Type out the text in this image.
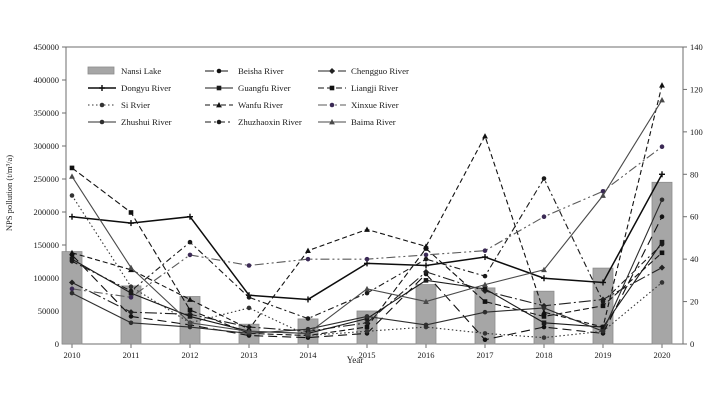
NPS pollution (t/m³/a)
Year
0
50000
100000
150000
200000
250000
300000
350000
400000
450000
0
20
40
60
80
100
120
140
2010	2011	2012	2013	2014	2015	2016	2017	2018	2019	2020
Nansi Lake	Beisha River	Chengguo River
Dongyu River	Guangfu River	Liangji River
Si Rvier	Wanfu River	Xinxue River
Zhushui River	Zhuzhaoxin River	Baima River
